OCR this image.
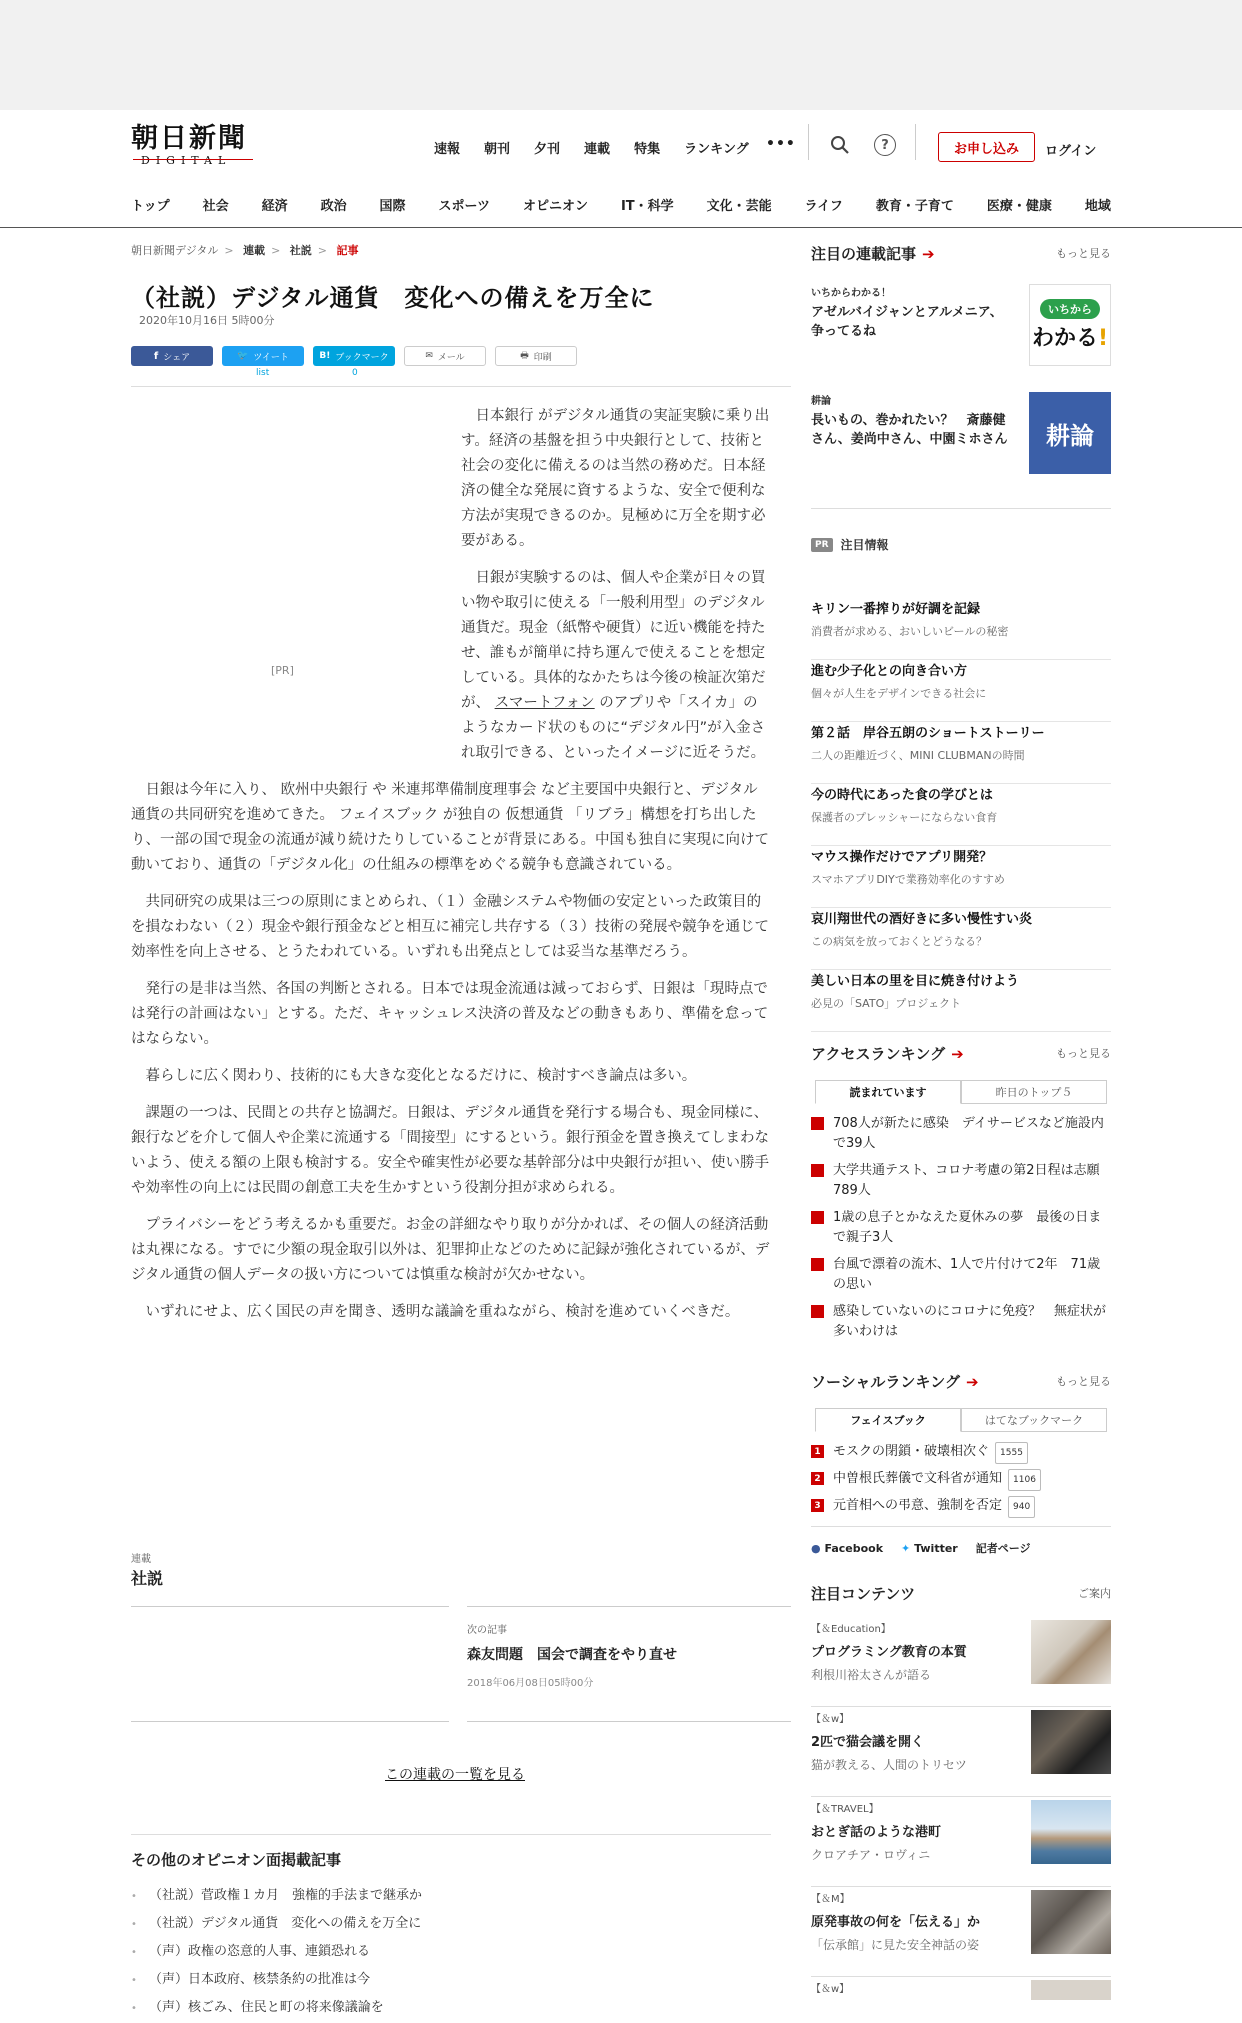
朝日新聞
DIGITAL
速報 朝刊 夕刊 連載 特集 ランキング •••	?	お申し込み	ログイン
トップ	社会	経済	政治	国際	スポーツ	オピニオン	IT・科学	文化・芸能	ライフ	教育・子育て	医療・健康	地域
朝日新聞デジタル > 連載 > 社説 > 記事
（社説）デジタル通貨　変化への備えを万全に
2020年10月16日 5時00分
f シェア	🐦 ツイート	B! ブックマーク	✉ メール	🖶 印刷
list	0
[PR]

日本銀行 がデジタル通貨の実証実験に乗り出す。経済の基盤を担う中央銀行として、技術と社会の変化に備えるのは当然の務めだ。日本経済の健全な発展に資するような、安全で便利な方法が実現できるのか。見極めに万全を期す必要がある。

日銀が実験するのは、個人や企業が日々の買い物や取引に使える「一般利用型」のデジタル通貨だ。現金（紙幣や硬貨）に近い機能を持たせ、誰もが簡単に持ち運んで使えることを想定している。具体的なかたちは今後の検証次第だが、 スマートフォン のアプリや「スイカ」のようなカード状のものに“デジタル円”が入金され取引できる、といったイメージに近そうだ。

日銀は今年に入り、 欧州中央銀行 や 米連邦準備制度理事会 など主要国中央銀行と、デジタル通貨の共同研究を進めてきた。 フェイスブック が独自の 仮想通貨 「リブラ」構想を打ち出したり、一部の国で現金の流通が減り続けたりしていることが背景にある。中国も独自に実現に向けて動いており、通貨の「デジタル化」の仕組みの標準をめぐる競争も意識されている。

共同研究の成果は三つの原則にまとめられ、（１）金融システムや物価の安定といった政策目的を損なわない（２）現金や銀行預金などと相互に補完し共存する（３）技術の発展や競争を通じて効率性を向上させる、とうたわれている。いずれも出発点としては妥当な基準だろう。

発行の是非は当然、各国の判断とされる。日本では現金流通は減っておらず、日銀は「現時点では発行の計画はない」とする。ただ、キャッシュレス決済の普及などの動きもあり、準備を怠ってはならない。

暮らしに広く関わり、技術的にも大きな変化となるだけに、検討すべき論点は多い。

課題の一つは、民間との共存と協調だ。日銀は、デジタル通貨を発行する場合も、現金同様に、銀行などを介して個人や企業に流通する「間接型」にするという。銀行預金を置き換えてしまわないよう、使える額の上限も検討する。安全や確実性が必要な基幹部分は中央銀行が担い、使い勝手や効率性の向上には民間の創意工夫を生かすという役割分担が求められる。

プライバシーをどう考えるかも重要だ。お金の詳細なやり取りが分かれば、その個人の経済活動は丸裸になる。すでに少額の現金取引以外は、犯罪抑止などのために記録が強化されているが、デジタル通貨の個人データの扱い方については慎重な検討が欠かせない。

いずれにせよ、広く国民の声を聞き、透明な議論を重ねながら、検討を進めていくべきだ。

連載
社説
次の記事
森友問題　国会で調査をやり直せ
2018年06月08日05時00分
この連載の一覧を見る
その他のオピニオン面掲載記事
• （社説）菅政権１カ月　強権的手法まで継承か
• （社説）デジタル通貨　変化への備えを万全に
• （声）政権の恣意的人事、連鎖恐れる
• （声）日本政府、核禁条約の批准は今
• （声）核ごみ、住民と町の将来像議論を
注目の連載記事 ➔	もっと見る
いちからわかる！
アゼルバイジャンとアルメニア、争ってるね
いちから
わかる!
耕論
長いもの、巻かれたい？　斎藤健さん、姜尚中さん、中園ミホさん	耕論
PR	注目情報
キリン一番搾りが好調を記録
消費者が求める、おいしいビールの秘密
進む少子化との向き合い方
個々が人生をデザインできる社会に
第２話　岸谷五朗のショートストーリー
二人の距離近づく、MINI CLUBMANの時間
今の時代にあった食の学びとは
保護者のプレッシャーにならない食育
マウス操作だけでアプリ開発？
スマホアプリDIYで業務効率化のすすめ
哀川翔世代の酒好きに多い慢性すい炎
この病気を放っておくとどうなる？
美しい日本の里を目に焼き付けよう
必見の「SATO」プロジェクト
アクセスランキング ➔	もっと見る
読まれています	昨日のトップ５
708人が新たに感染　デイサービスなど施設内で39人
大学共通テスト、コロナ考慮の第2日程は志願789人
1歳の息子とかなえた夏休みの夢　最後の日まで親子3人
台風で漂着の流木、1人で片付けて2年　71歳の思い
感染していないのにコロナに免疫？　無症状が多いわけは
ソーシャルランキング ➔	もっと見る
フェイスブック	はてなブックマーク
1 モスクの閉鎖・破壊相次ぐ 1555
2 中曽根氏葬儀で文科省が通知 1106
3 元首相への弔意、強制を否定 940
● Facebook ✦ Twitter 記者ページ
注目コンテンツ	ご案内
【＆Education】
プログラミング教育の本質
利根川裕太さんが語る
【＆w】
2匹で猫会議を開く
猫が教える、人間のトリセツ
【＆TRAVEL】
おとぎ話のような港町
クロアチア・ロヴィニ
【＆M】
原発事故の何を「伝える」か
「伝承館」に見た安全神話の姿
【＆w】
